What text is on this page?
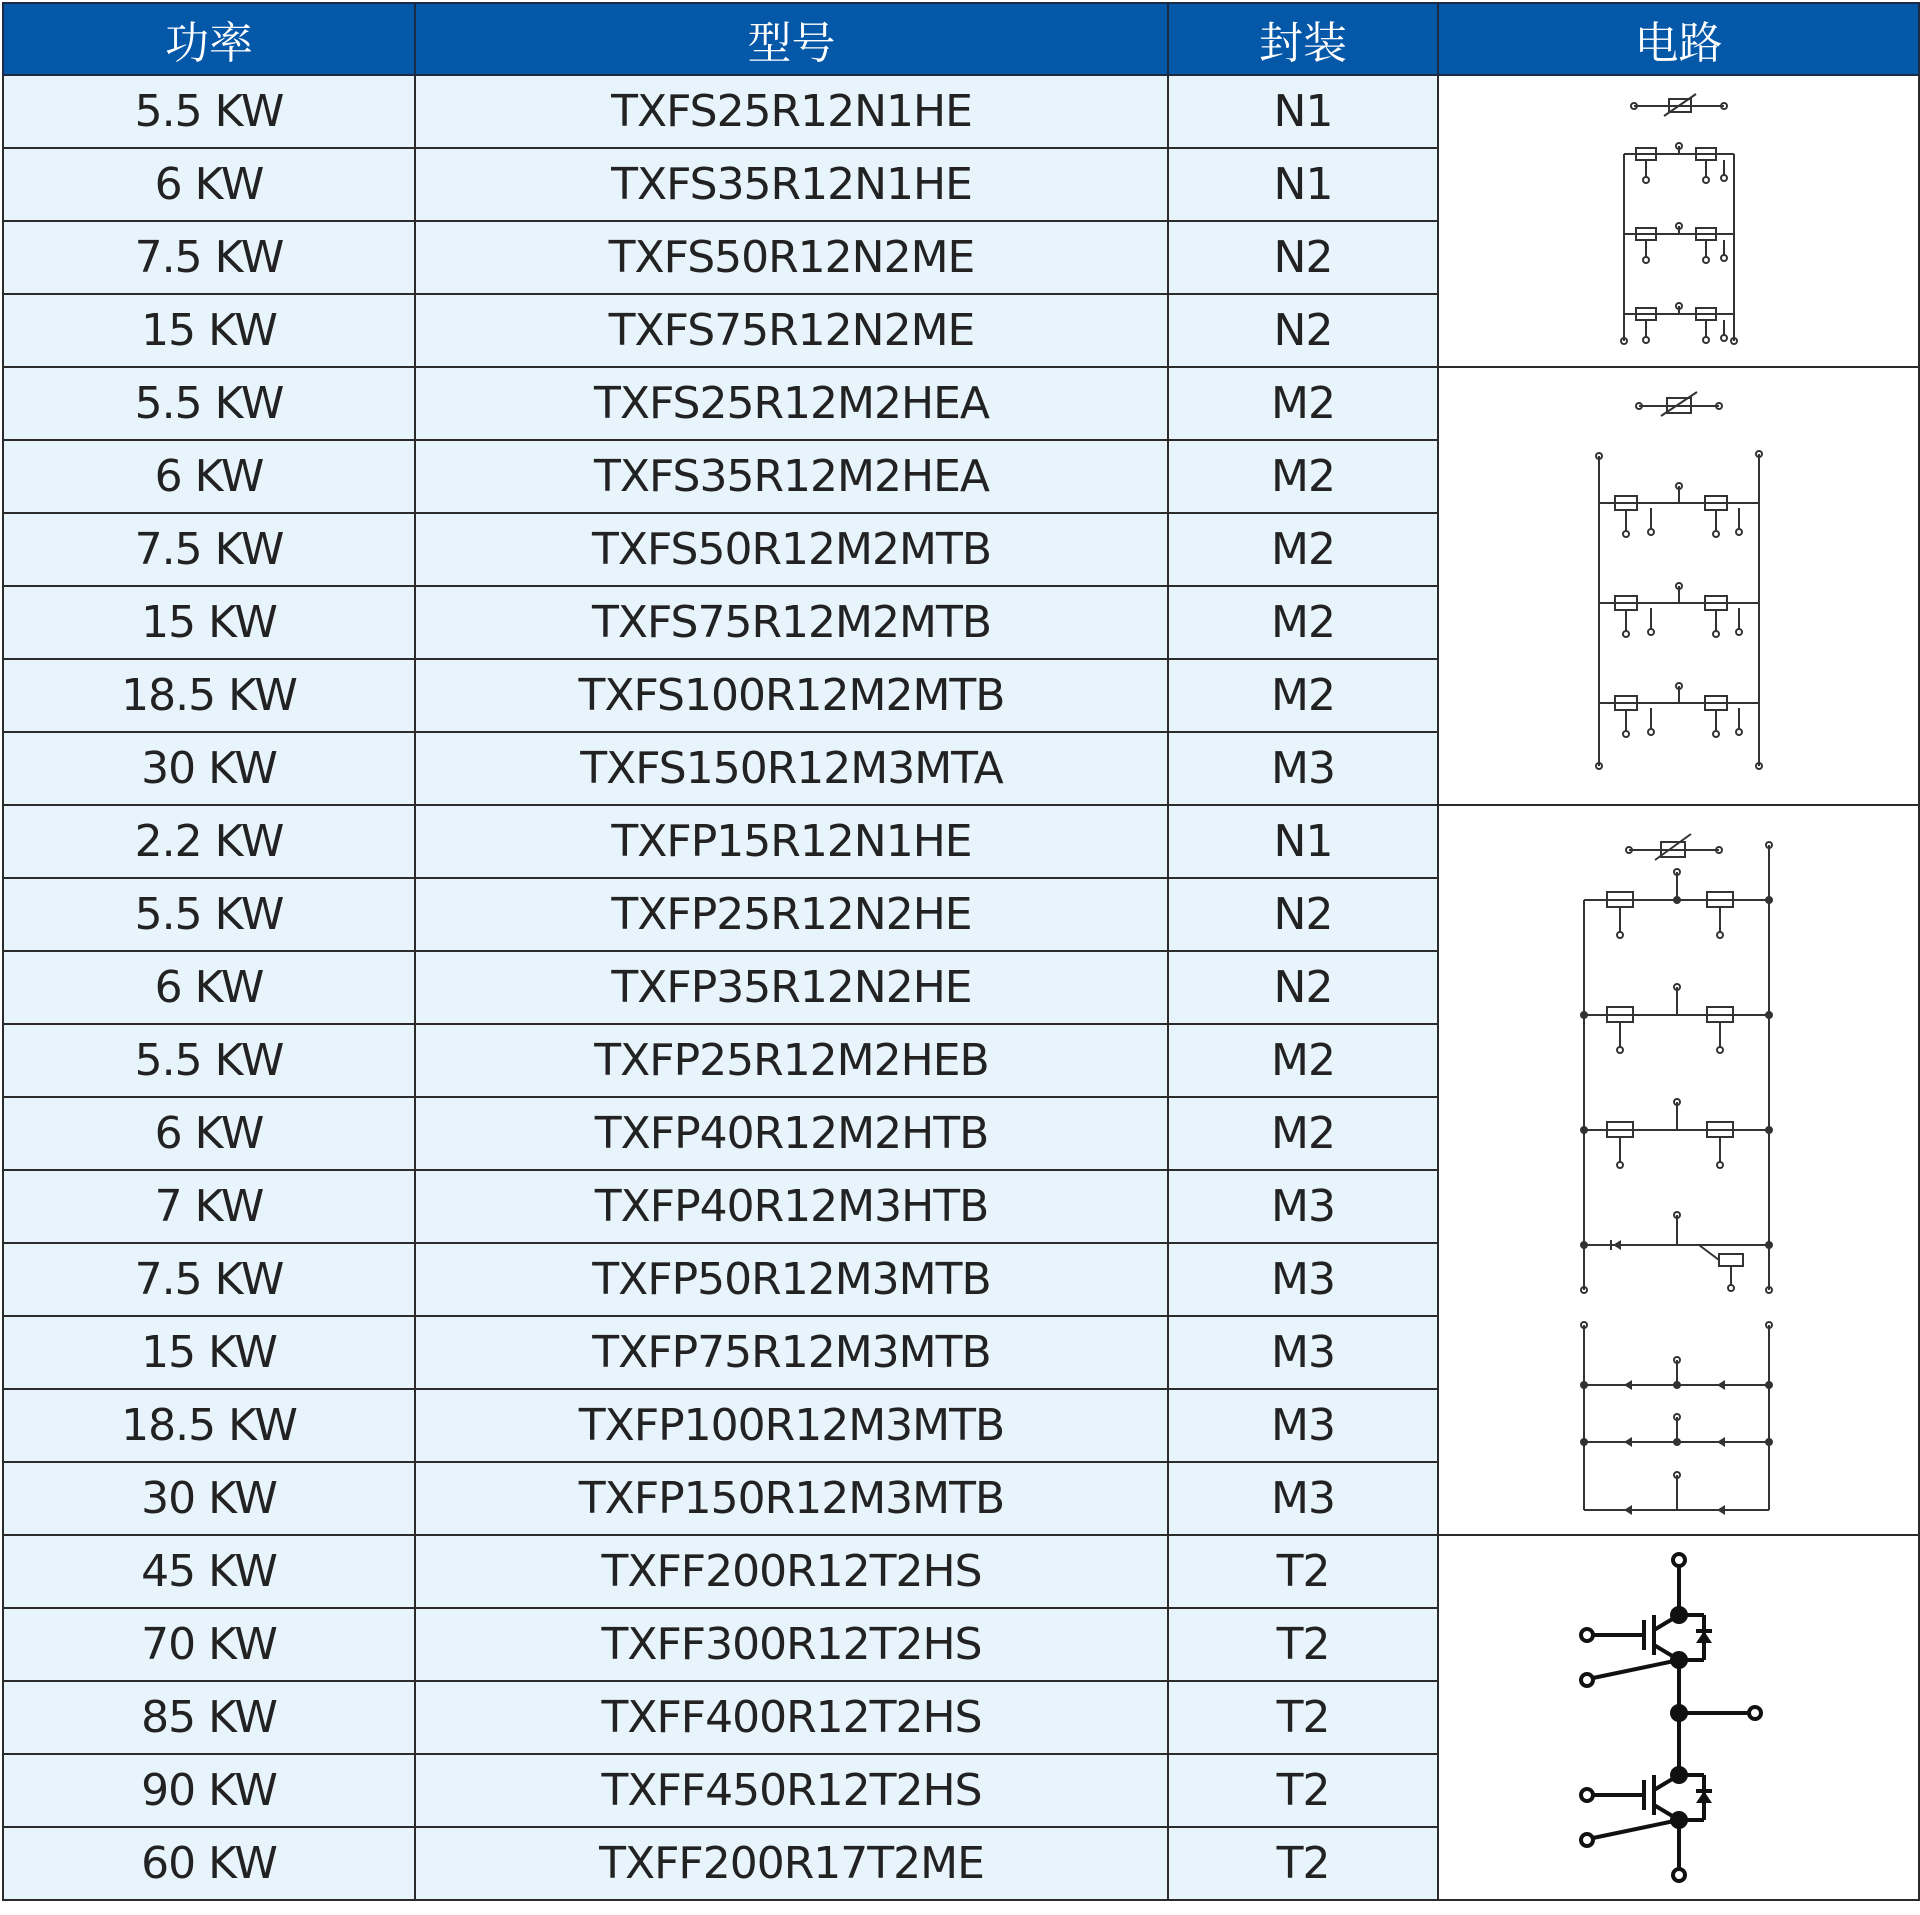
功率	型号	封装	电路
5.5 KW	TXFS25R12N1HE	N1	

6 KW	TXFS35R12N1HE	N1	
7.5 KW	TXFS50R12N2ME	N2	
15 KW	TXFS75R12N2ME	N2	
5.5 KW	TXFS25R12M2HEA	M2	

6 KW	TXFS35R12M2HEA	M2	
7.5 KW	TXFS50R12M2MTB	M2	
15 KW	TXFS75R12M2MTB	M2	
18.5 KW	TXFS100R12M2MTB	M2	
30 KW	TXFS150R12M3MTA	M3	
2.2 KW	TXFP15R12N1HE	N1	

5.5 KW	TXFP25R12N2HE	N2	
6 KW	TXFP35R12N2HE	N2	
5.5 KW	TXFP25R12M2HEB	M2	
6 KW	TXFP40R12M2HTB	M2	
7 KW	TXFP40R12M3HTB	M3	
7.5 KW	TXFP50R12M3MTB	M3	
15 KW	TXFP75R12M3MTB	M3	
18.5 KW	TXFP100R12M3MTB	M3	
30 KW	TXFP150R12M3MTB	M3	
45 KW	TXFF200R12T2HS	T2	

70 KW	TXFF300R12T2HS	T2	
85 KW	TXFF400R12T2HS	T2	
90 KW	TXFF450R12T2HS	T2	
60 KW	TXFF200R17T2ME	T2	
